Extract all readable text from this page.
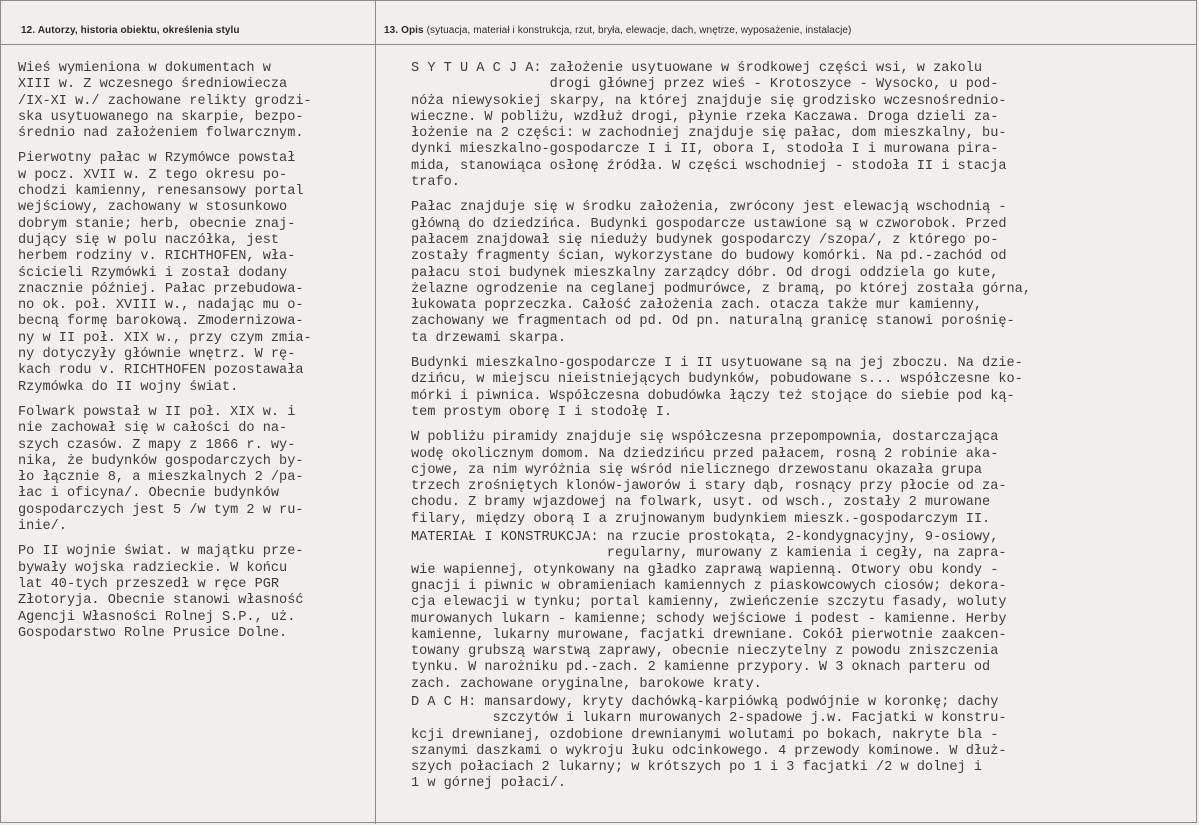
12. Autorzy, historia obiektu, określenia stylu	13. Opis (sytuacja, materiał i konstrukcja, rzut, bryła, elewacje, dach, wnętrze, wyposażenie, instalacje)

Wieś wymieniona w dokumentach w
XIII w. Z wczesnego średniowiecza
/IX-XI w./ zachowane relikty grodzi-
ska usytuowanego na skarpie, bezpo-
średnio nad założeniem folwarcznym.

Pierwotny pałac w Rzymówce powstał
w pocz. XVII w. Z tego okresu po-
chodzi kamienny, renesansowy portal
wejściowy, zachowany w stosunkowo
dobrym stanie; herb, obecnie znaj-
dujący się w polu naczółka, jest
herbem rodziny v. RICHTHOFEN, wła-
ścicieli Rzymówki i został dodany
znacznie później. Pałac przebudowa-
no ok. poł. XVIII w., nadając mu o-
becną formę barokową. Zmodernizowa-
ny w II poł. XIX w., przy czym zmia-
ny dotyczyły głównie wnętrz. W rę-
kach rodu v. RICHTHOFEN pozostawała
Rzymówka do II wojny świat.

Folwark powstał w II poł. XIX w. i
nie zachował się w całości do na-
szych czasów. Z mapy z 1866 r. wy-
nika, że budynków gospodarczych by-
ło łącznie 8, a mieszkalnych 2 /pa-
łac i oficyna/. Obecnie budynków
gospodarczych jest 5 /w tym 2 w ru-
inie/.

Po II wojnie świat. w majątku prze-
bywały wojska radzieckie. W końcu
lat 40-tych przeszedł w ręce PGR
Złotoryja. Obecnie stanowi własność
Agencji Własności Rolnej S.P., uż.
Gospodarstwo Rolne Prusice Dolne.

S Y T U A C J A: założenie usytuowane w środkowej części wsi, w zakolu
drogi głównej przez wieś - Krotoszyce - Wysocko, u pod-
nóża niewysokiej skarpy, na której znajduje się grodzisko wczesnośrednio-
wieczne. W pobliżu, wzdłuż drogi, płynie rzeka Kaczawa. Droga dzieli za-
łożenie na 2 części: w zachodniej znajduje się pałac, dom mieszkalny, bu-
dynki mieszkalno-gospodarcze I i II, obora I, stodoła I i murowana pira-
mida, stanowiąca osłonę źródła. W części wschodniej - stodoła II i stacja
trafo.

Pałac znajduje się w środku założenia, zwrócony jest elewacją wschodnią -
główną do dziedzińca. Budynki gospodarcze ustawione są w czworobok. Przed
pałacem znajdował się nieduży budynek gospodarczy /szopa/, z którego po-
zostały fragmenty ścian, wykorzystane do budowy komórki. Na pd.-zachód od
pałacu stoi budynek mieszkalny zarządcy dóbr. Od drogi oddziela go kute,
żelazne ogrodzenie na ceglanej podmurówce, z bramą, po której została górna,
łukowata poprzeczka. Całość założenia zach. otacza także mur kamienny,
zachowany we fragmentach od pd. Od pn. naturalną granicę stanowi porośnię-
ta drzewami skarpa.

Budynki mieszkalno-gospodarcze I i II usytuowane są na jej zboczu. Na dzie-
dzińcu, w miejscu nieistniejących budynków, pobudowane s... współczesne ko-
mórki i piwnica. Współczesna dobudówka łączy też stojące do siebie pod ką-
tem prostym oborę I i stodołę I.

W pobliżu piramidy znajduje się współczesna przepompownia, dostarczająca
wodę okolicznym domom. Na dziedzińcu przed pałacem, rosną 2 robinie aka-
cjowe, za nim wyróżnia się wśród nielicznego drzewostanu okazała grupa
trzech zrośniętych klonów-jaworów i stary dąb, rosnący przy płocie od za-
chodu. Z bramy wjazdowej na folwark, usyt. od wsch., zostały 2 murowane
filary, między oborą I a zrujnowanym budynkiem mieszk.-gospodarczym II.

MATERIAŁ I KONSTRUKCJA: na rzucie prostokąta, 2-kondygnacyjny, 9-osiowy,
regularny, murowany z kamienia i cegły, na zapra-
wie wapiennej, otynkowany na gładko zaprawą wapienną. Otwory obu kondy -
gnacji i piwnic w obramieniach kamiennych z piaskowcowych ciosów; dekora-
cja elewacji w tynku; portal kamienny, zwieńczenie szczytu fasady, woluty
murowanych lukarn - kamienne; schody wejściowe i podest - kamienne. Herby
kamienne, lukarny murowane, facjatki drewniane. Cokół pierwotnie zaakcen-
towany grubszą warstwą zaprawy, obecnie nieczytelny z powodu zniszczenia
tynku. W narożniku pd.-zach. 2 kamienne przypory. W 3 oknach parteru od
zach. zachowane oryginalne, barokowe kraty.

D A C H: mansardowy, kryty dachówką-karpiówką podwójnie w koronkę; dachy
szczytów i lukarn murowanych 2-spadowe j.w. Facjatki w konstru-
kcji drewnianej, ozdobione drewnianymi wolutami po bokach, nakryte bla -
szanymi daszkami o wykroju łuku odcinkowego. 4 przewody kominowe. W dłuż-
szych połaciach 2 lukarny; w krótszych po 1 i 3 facjatki /2 w dolnej i
1 w górnej połaci/.
